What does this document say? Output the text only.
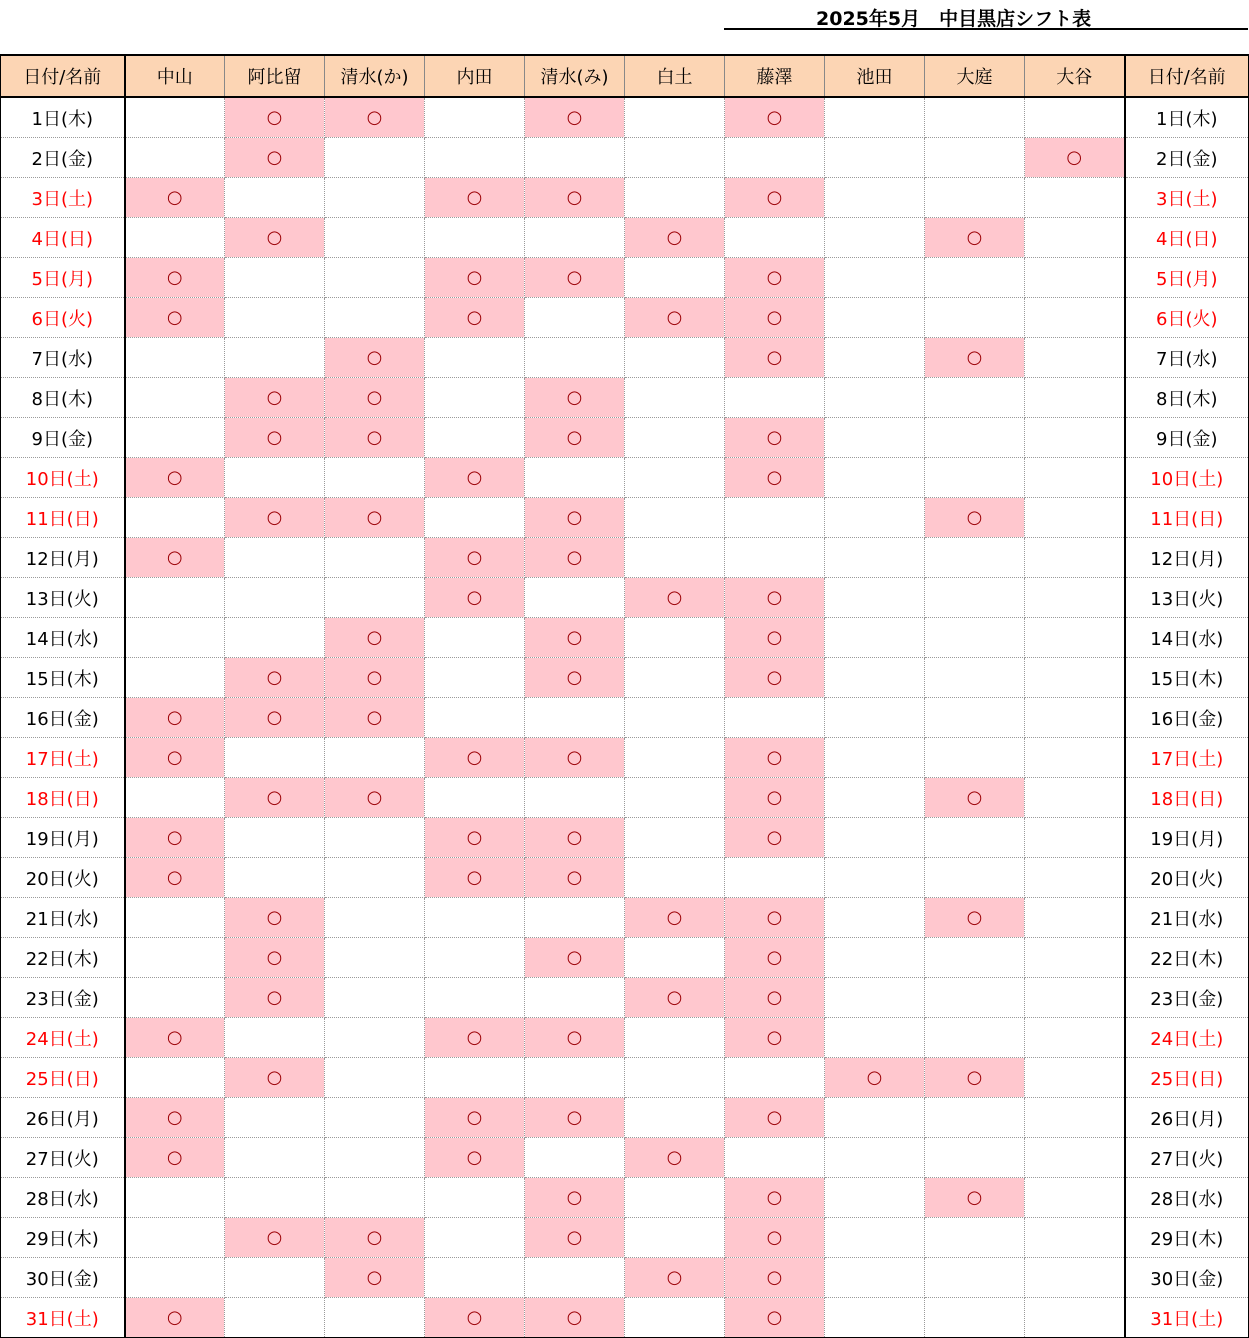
2025年5月　中目黒店シフト表
日付/名前	中山	阿比留	清水(か)	内田	清水(み)	白土	藤澤	池田	大庭	大谷	日付/名前
1日(木)		○	○		○		○				1日(木)
2日(金)		○								○	2日(金)
3日(土)	○			○	○		○				3日(土)
4日(日)		○				○			○		4日(日)
5日(月)	○			○	○		○				5日(月)
6日(火)	○			○		○	○				6日(火)
7日(水)			○				○		○		7日(水)
8日(木)		○	○		○						8日(木)
9日(金)		○	○		○		○				9日(金)
10日(土)	○			○			○				10日(土)
11日(日)		○	○		○				○		11日(日)
12日(月)	○			○	○						12日(月)
13日(火)				○		○	○				13日(火)
14日(水)			○		○		○				14日(水)
15日(木)		○	○		○		○				15日(木)
16日(金)	○	○	○								16日(金)
17日(土)	○			○	○		○				17日(土)
18日(日)		○	○				○		○		18日(日)
19日(月)	○			○	○		○				19日(月)
20日(火)	○			○	○						20日(火)
21日(水)		○				○	○		○		21日(水)
22日(木)		○			○		○				22日(木)
23日(金)		○				○	○				23日(金)
24日(土)	○			○	○		○				24日(土)
25日(日)		○						○	○		25日(日)
26日(月)	○			○	○		○				26日(月)
27日(火)	○			○		○					27日(火)
28日(水)					○		○		○		28日(水)
29日(木)		○	○		○		○				29日(木)
30日(金)			○			○	○				30日(金)
31日(土)	○			○	○		○				31日(土)
